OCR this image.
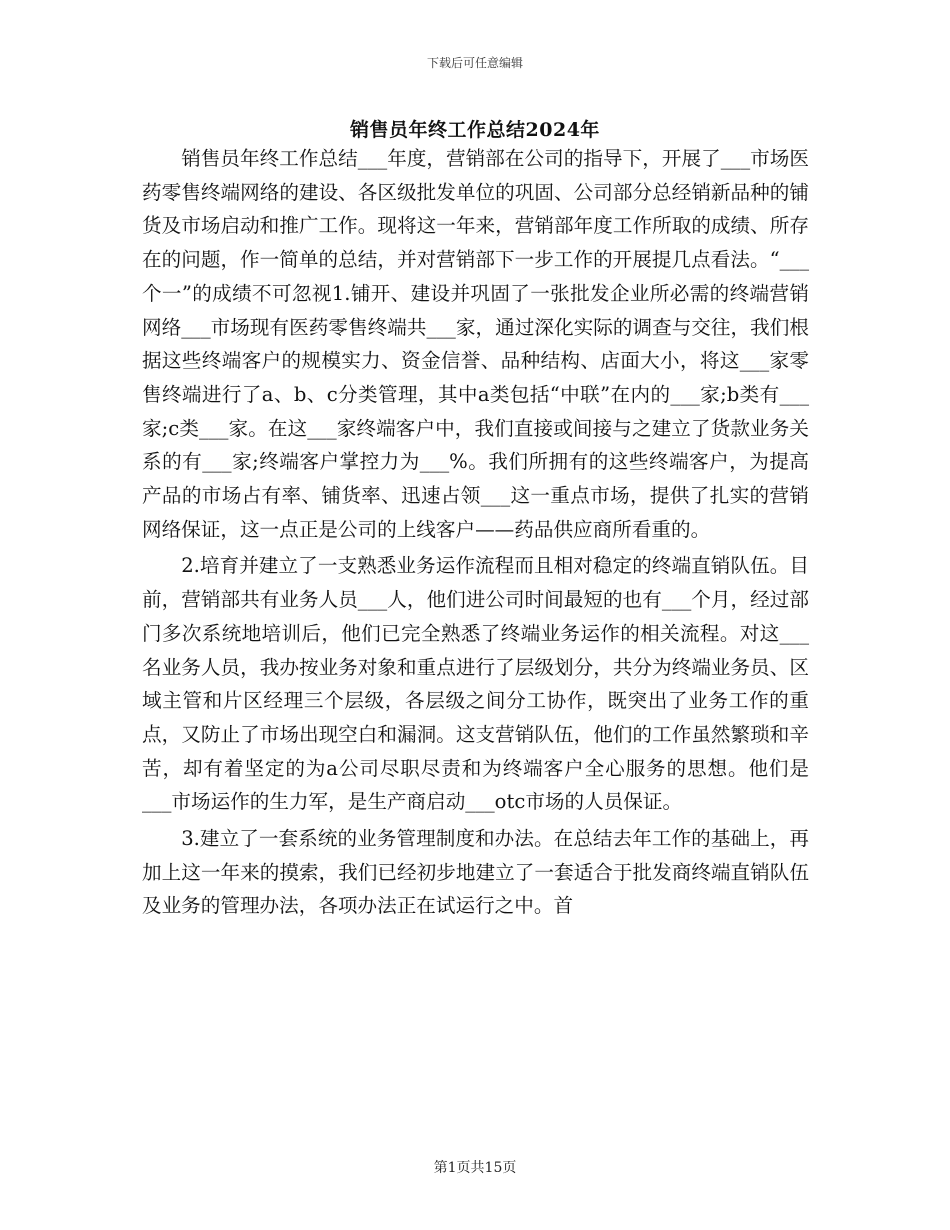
下载后可任意编辑
销售员年终工作总结2024年

销售员年终工作总结___年度，营销部在公司的指导下，开展了___市场医药零售终端网络的建设、各区级批发单位的巩固、公司部分总经销新品种的铺货及市场启动和推广工作。现将这一年来，营销部年度工作所取的成绩、所存在的问题，作一简单的总结，并对营销部下一步工作的开展提几点看法。“___个一”的成绩不可忽视1.铺开、建设并巩固了一张批发企业所必需的终端营销网络___市场现有医药零售终端共___家，通过深化实际的调查与交往，我们根据这些终端客户的规模实力、资金信誉、品种结构、店面大小，将这___家零售终端进行了a、b、c分类管理，其中a类包括“中联”在内的___家;b类有___家;c类___家。在这___家终端客户中，我们直接或间接与之建立了货款业务关系的有___家;终端客户掌控力为___%。我们所拥有的这些终端客户，为提高产品的市场占有率、铺货率、迅速占领___这一重点市场，提供了扎实的营销网络保证，这一点正是公司的上线客户——药品供应商所看重的。

2.培育并建立了一支熟悉业务运作流程而且相对稳定的终端直销队伍。目前，营销部共有业务人员___人，他们进公司时间最短的也有___个月，经过部门多次系统地培训后，他们已完全熟悉了终端业务运作的相关流程。对这___名业务人员，我办按业务对象和重点进行了层级划分，共分为终端业务员、区域主管和片区经理三个层级，各层级之间分工协作，既突出了业务工作的重点，又防止了市场出现空白和漏洞。这支营销队伍，他们的工作虽然繁琐和辛苦，却有着坚定的为a公司尽职尽责和为终端客户全心服务的思想。他们是___市场运作的生力军，是生产商启动___otc市场的人员保证。

3.建立了一套系统的业务管理制度和办法。在总结去年工作的基础上，再加上这一年来的摸索，我们已经初步地建立了一套适合于批发商终端直销队伍及业务的管理办法，各项办法正在试运行之中。首

第1页共15页
